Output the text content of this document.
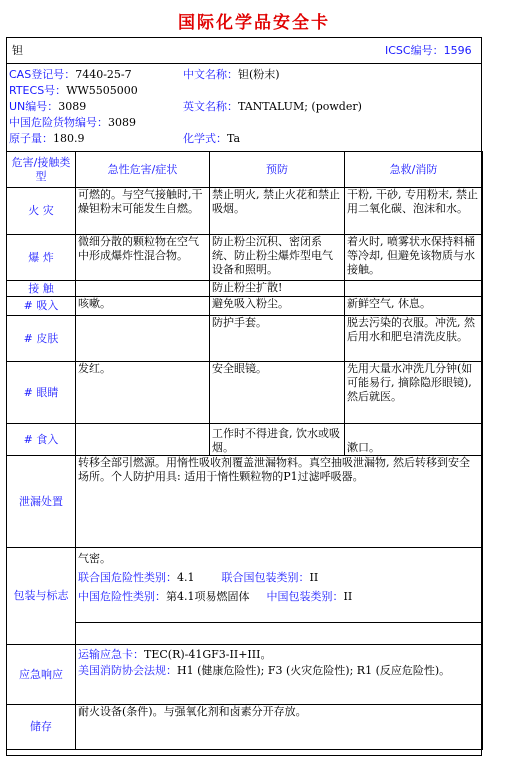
国际化学品安全卡
钽	ICSC编号：1596
CAS登记号：7440-25-7
RTECS号：WW5505000
UN编号：3089
中国危险货物编号：3089
原子量：180.9
中文名称：钽(粉末)
英文名称：TANTALUM; (powder)
化学式：Ta
危害/接触类型	急性危害/症状	预防	急救/消防
火 灾	可燃的。与空气接触时,干燥钽粉末可能发生自燃。	禁止明火, 禁止火花和禁止吸烟。	干粉, 干砂, 专用粉末, 禁止用二氧化碳、泡沫和水。
爆 炸	微细分散的颗粒物在空气中形成爆炸性混合物。	防止粉尘沉积、密闭系统、防止粉尘爆炸型电气设备和照明。	着火时, 喷雾状水保持料桶等冷却, 但避免该物质与水接触。
接 触		防止粉尘扩散!	
# 吸入	咳嗽。	避免吸入粉尘。	新鲜空气, 休息。
# 皮肤		防护手套。	脱去污染的衣服。冲洗, 然后用水和肥皂清洗皮肤。
# 眼睛	发红。	安全眼镜。	先用大量水冲洗几分钟(如可能易行, 摘除隐形眼镜), 然后就医。
# 食入		工作时不得进食, 饮水或吸烟。	漱口。
泄漏处置	转移全部引燃源。用惰性吸收剂覆盖泄漏物料。真空抽吸泄漏物, 然后转移到安全场所。个人防护用具: 适用于惰性颗粒物的P1过滤呼吸器。		
包装与标志	气密。
联合国危险性类别：4.1 联合国包装类别：II
中国危险性类别：第4.1项易燃固体 中国包装类别：II		

应急响应	运输应急卡：TEC(R)-41GF3-II+III。
美国消防协会法规：H1 (健康危险性); F3 (火灾危险性); R1 (反应危险性)。		

储存	耐火设备(条件)。与强氧化剂和卤素分开存放。		
